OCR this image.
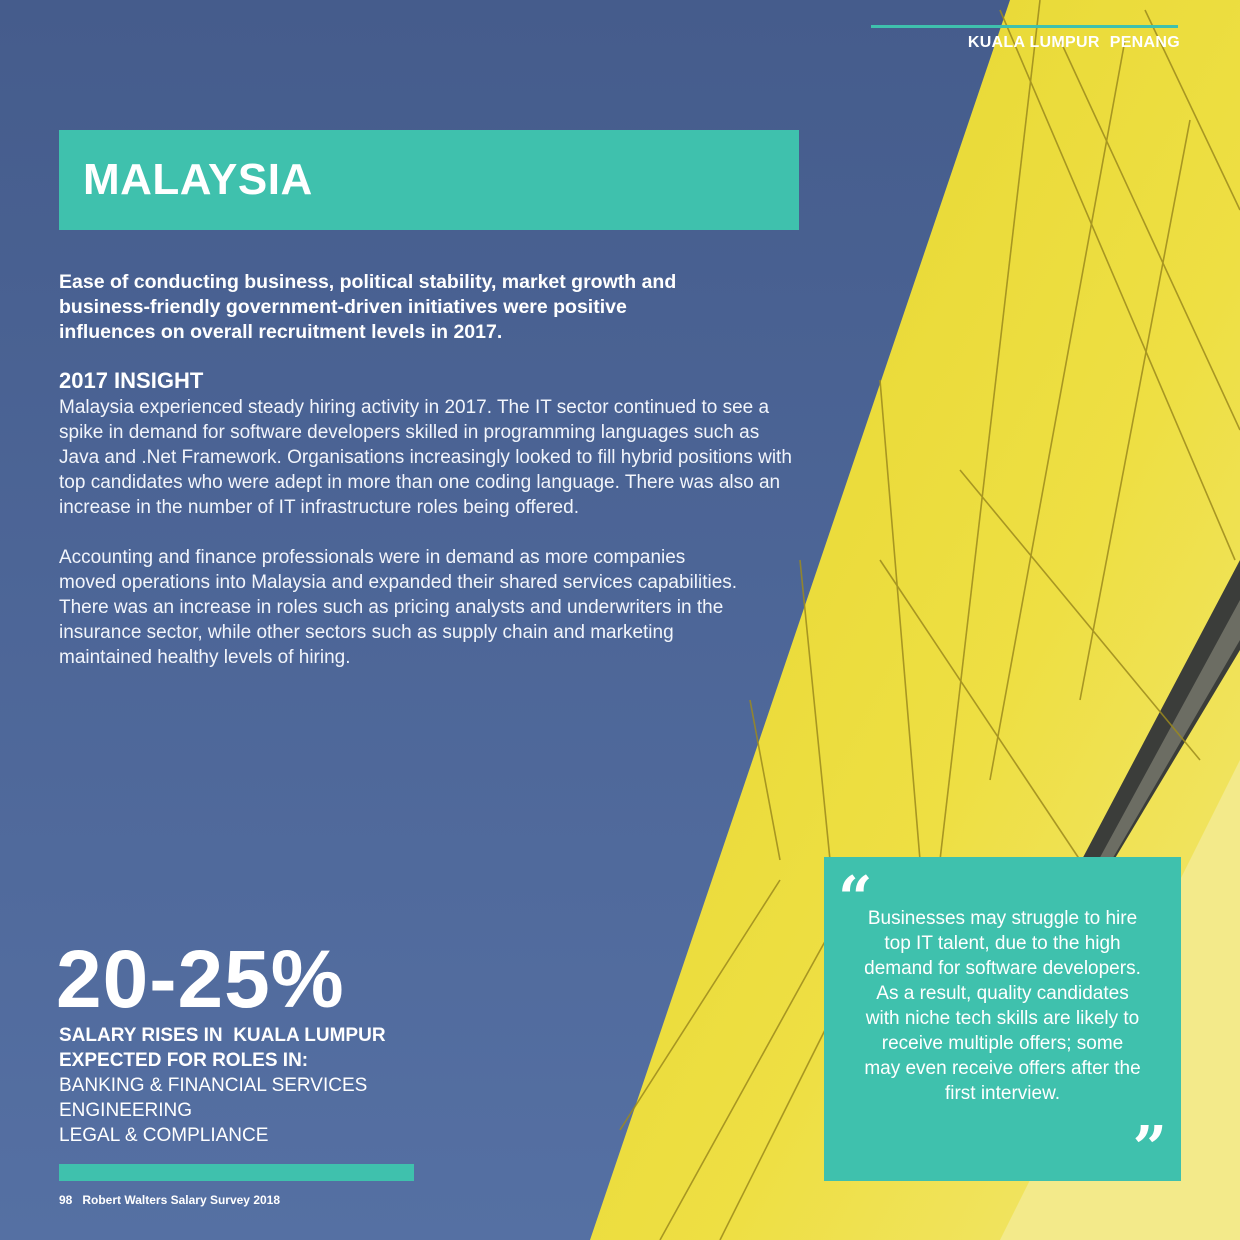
KUALA LUMPUR PENANG
MALAYSIA

Ease of conducting business, political stability, market growth and business-friendly government-driven initiatives were positive influences on overall recruitment levels in 2017.

2017 INSIGHT

Malaysia experienced steady hiring activity in 2017. The IT sector continued to see a spike in demand for software developers skilled in programming languages such as Java and .Net Framework. Organisations increasingly looked to fill hybrid positions with top candidates who were adept in more than one coding language. There was also an increase in the number of IT infrastructure roles being offered.

Accounting and finance professionals were in demand as more companies moved operations into Malaysia and expanded their shared services capabilities. There was an increase in roles such as pricing analysts and underwriters in the insurance sector, while other sectors such as supply chain and marketing maintained healthy levels of hiring.

20-25%
SALARY RISES IN  KUALA LUMPUR
EXPECTED FOR ROLES IN:
BANKING & FINANCIAL SERVICES
ENGINEERING
LEGAL & COMPLIANCE
98 Robert Walters Salary Survey 2018
“
Businesses may struggle to hire top IT talent, due to the high demand for software developers. As a result, quality candidates with niche tech skills are likely to receive multiple offers; some may even receive offers after the first interview.
”
